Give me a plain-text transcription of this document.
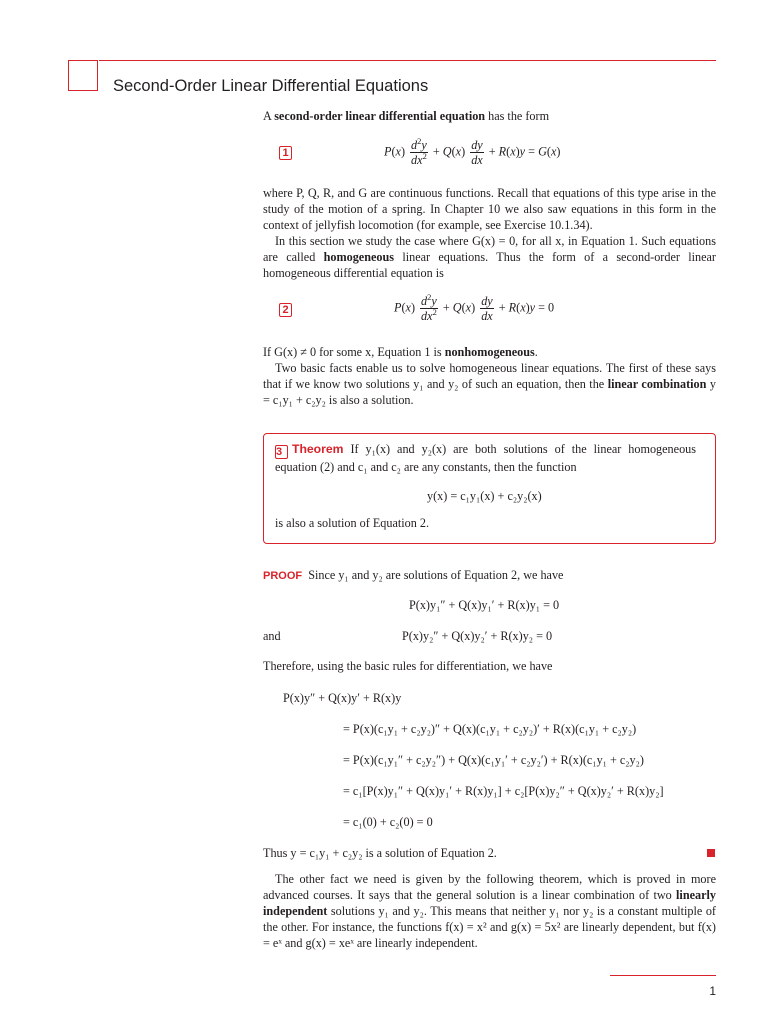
Second-Order Linear Differential Equations

A second-order linear differential equation has the form

1	$P(x) \frac{d^2y}{dx^2} + Q(x) \frac{dy}{dx} + R(x)y = G(x)$

where P, Q, R, and G are continuous functions. Recall that equations of this type arise in the study of the motion of a spring. In Chapter 10 we also saw equations in this form in the context of jellyfish locomotion (for example, see Exercise 10.1.34).

In this section we study the case where G(x) = 0, for all x, in Equation 1. Such equations are called homogeneous linear equations. Thus the form of a second-order linear homogeneous differential equation is

2	$P(x) \frac{d^2y}{dx^2} + Q(x) \frac{dy}{dx} + R(x)y = 0$

If G(x) ≠ 0 for some x, Equation 1 is nonhomogeneous.

Two basic facts enable us to solve homogeneous linear equations. The first of these says that if we know two solutions y₁ and y₂ of such an equation, then the linear combination y = c₁y₁ + c₂y₂ is also a solution.

3 Theorem If y₁(x) and y₂(x) are both solutions of the linear homogeneous equation (2) and c₁ and c₂ are any constants, then the function

y(x) = c₁y₁(x) + c₂y₂(x)
is also a solution of Equation 2.
PROOF Since y₁ and y₂ are solutions of Equation 2, we have
P(x)y₁″ + Q(x)y₁′ + R(x)y₁ = 0
and	P(x)y₂″ + Q(x)y₂′ + R(x)y₂ = 0
Therefore, using the basic rules for differentiation, we have
P(x)y″ + Q(x)y′ + R(x)y
= P(x)(c₁y₁ + c₂y₂)″ + Q(x)(c₁y₁ + c₂y₂)′ + R(x)(c₁y₁ + c₂y₂)
= P(x)(c₁y₁″ + c₂y₂″) + Q(x)(c₁y₁′ + c₂y₂′) + R(x)(c₁y₁ + c₂y₂)
= c₁[P(x)y₁″ + Q(x)y₁′ + R(x)y₁] + c₂[P(x)y₂″ + Q(x)y₂′ + R(x)y₂]
= c₁(0) + c₂(0) = 0
Thus y = c₁y₁ + c₂y₂ is a solution of Equation 2.

The other fact we need is given by the following theorem, which is proved in more advanced courses. It says that the general solution is a linear combination of two linearly independent solutions y₁ and y₂. This means that neither y₁ nor y₂ is a constant multiple of the other. For instance, the functions f(x) = x² and g(x) = 5x² are linearly dependent, but f(x) = eˣ and g(x) = xeˣ are linearly independent.

1
